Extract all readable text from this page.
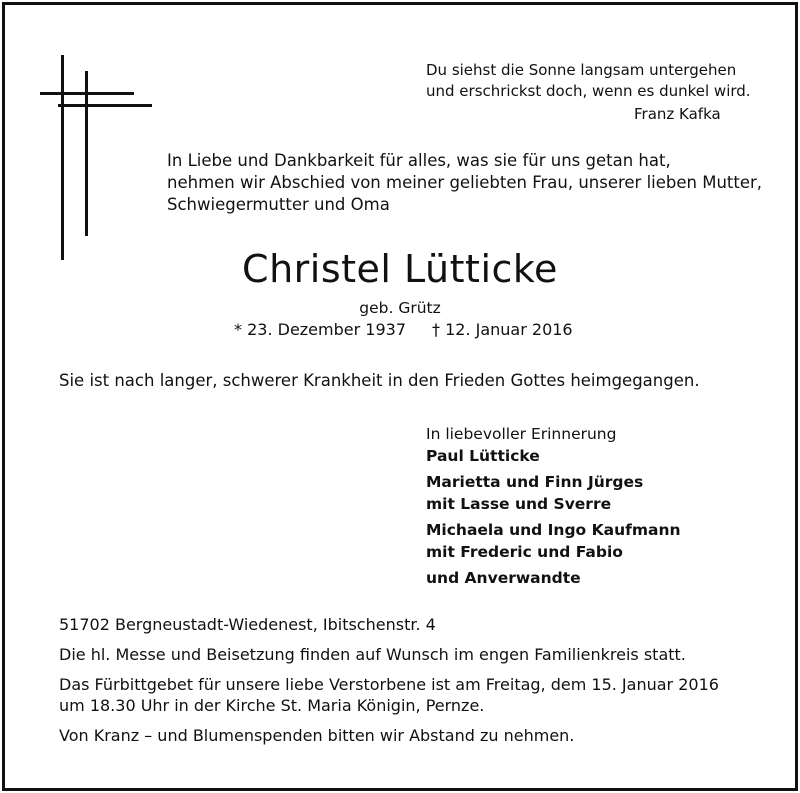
Du siehst die Sonne langsam untergehen
und erschrickst doch, wenn es dunkel wird.
Franz Kafka
In Liebe und Dankbarkeit für alles, was sie für uns getan hat,
nehmen wir Abschied von meiner geliebten Frau, unserer lieben Mutter,
Schwiegermutter und Oma
Christel Lütticke
geb. Grütz
* 23. Dezember 1937 † 12. Januar 2016
Sie ist nach langer, schwerer Krankheit in den Frieden Gottes heimgegangen.
In liebevoller Erinnerung
Paul Lütticke
Marietta und Finn Jürges
mit Lasse und Sverre
Michaela und Ingo Kaufmann
mit Frederic und Fabio
und Anverwandte
51702 Bergneustadt-Wiedenest, Ibitschenstr. 4
Die hl. Messe und Beisetzung finden auf Wunsch im engen Familienkreis statt.
Das Fürbittgebet für unsere liebe Verstorbene ist am Freitag, dem 15. Januar 2016
um 18.30 Uhr in der Kirche St. Maria Königin, Pernze.
Von Kranz – und Blumenspenden bitten wir Abstand zu nehmen.
